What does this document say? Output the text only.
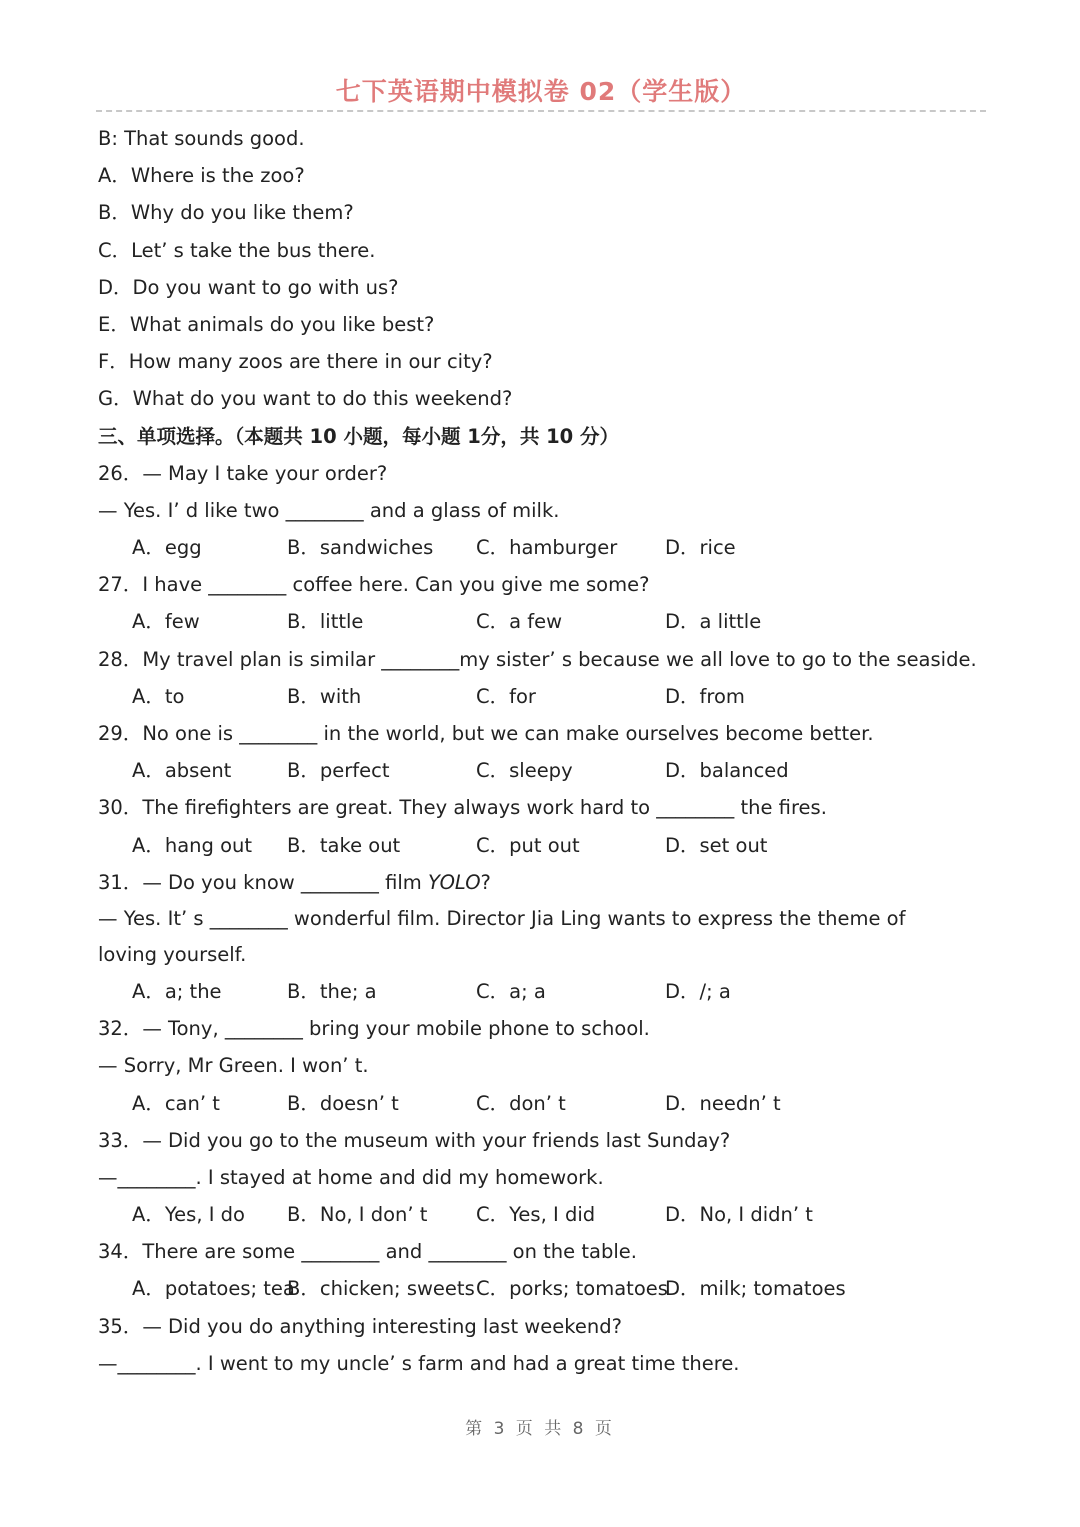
七下英语期中模拟卷 02（学生版）
B: That sounds good.
A．Where is the zoo?
B．Why do you like them?
C．Let’ s take the bus there.
D．Do you want to go with us?
E．What animals do you like best?
F．How many zoos are there in our city?
G．What do you want to do this weekend?
三、单项选择。（本题共 10 小题，每小题 1分，共 10 分）
26．— May I take your order?
— Yes. I’ d like two ________ and a glass of milk.
A．egg	B．sandwiches C．hamburger D．rice
27．I have ________ coffee here. Can you give me some?
A．few	B．little	C．a few	D．a little
28．My travel plan is similar ________my sister’ s because we all love to go to the seaside.
A．to	B．with	C．for	D．from
29．No one is ________ in the world, but we can make ourselves become better.
A．absent	B．perfect	C．sleepy	D．balanced
30．The firefighters are great. They always work hard to ________ the fires.
A．hang out B．take out	C．put out	D．set out
31．— Do you know ________ film YOLO?
— Yes. It’ s ________ wonderful film. Director Jia Ling wants to express the theme of loving yourself.
A．a; the	B．the; a	C．a; a	D．/; a
32．— Tony, ________ bring your mobile phone to school.
— Sorry, Mr Green. I won’ t.
A．can’ t	B．doesn’ t	C．don’ t	D．needn’ t
33．— Did you go to the museum with your friends last Sunday?
—________. I stayed at home and did my homework.
A．Yes, I do B．No, I don’ t C．Yes, I did	D．No, I didn’ t
34．There are some ________ and ________ on the table.
A．potatoes; tea
B．chicken; sweets C．porks; tomatoes
D．milk; tomatoes
35．— Did you do anything interesting last weekend?
—________. I went to my uncle’ s farm and had a great time there.
第 3 页 共 8 页
